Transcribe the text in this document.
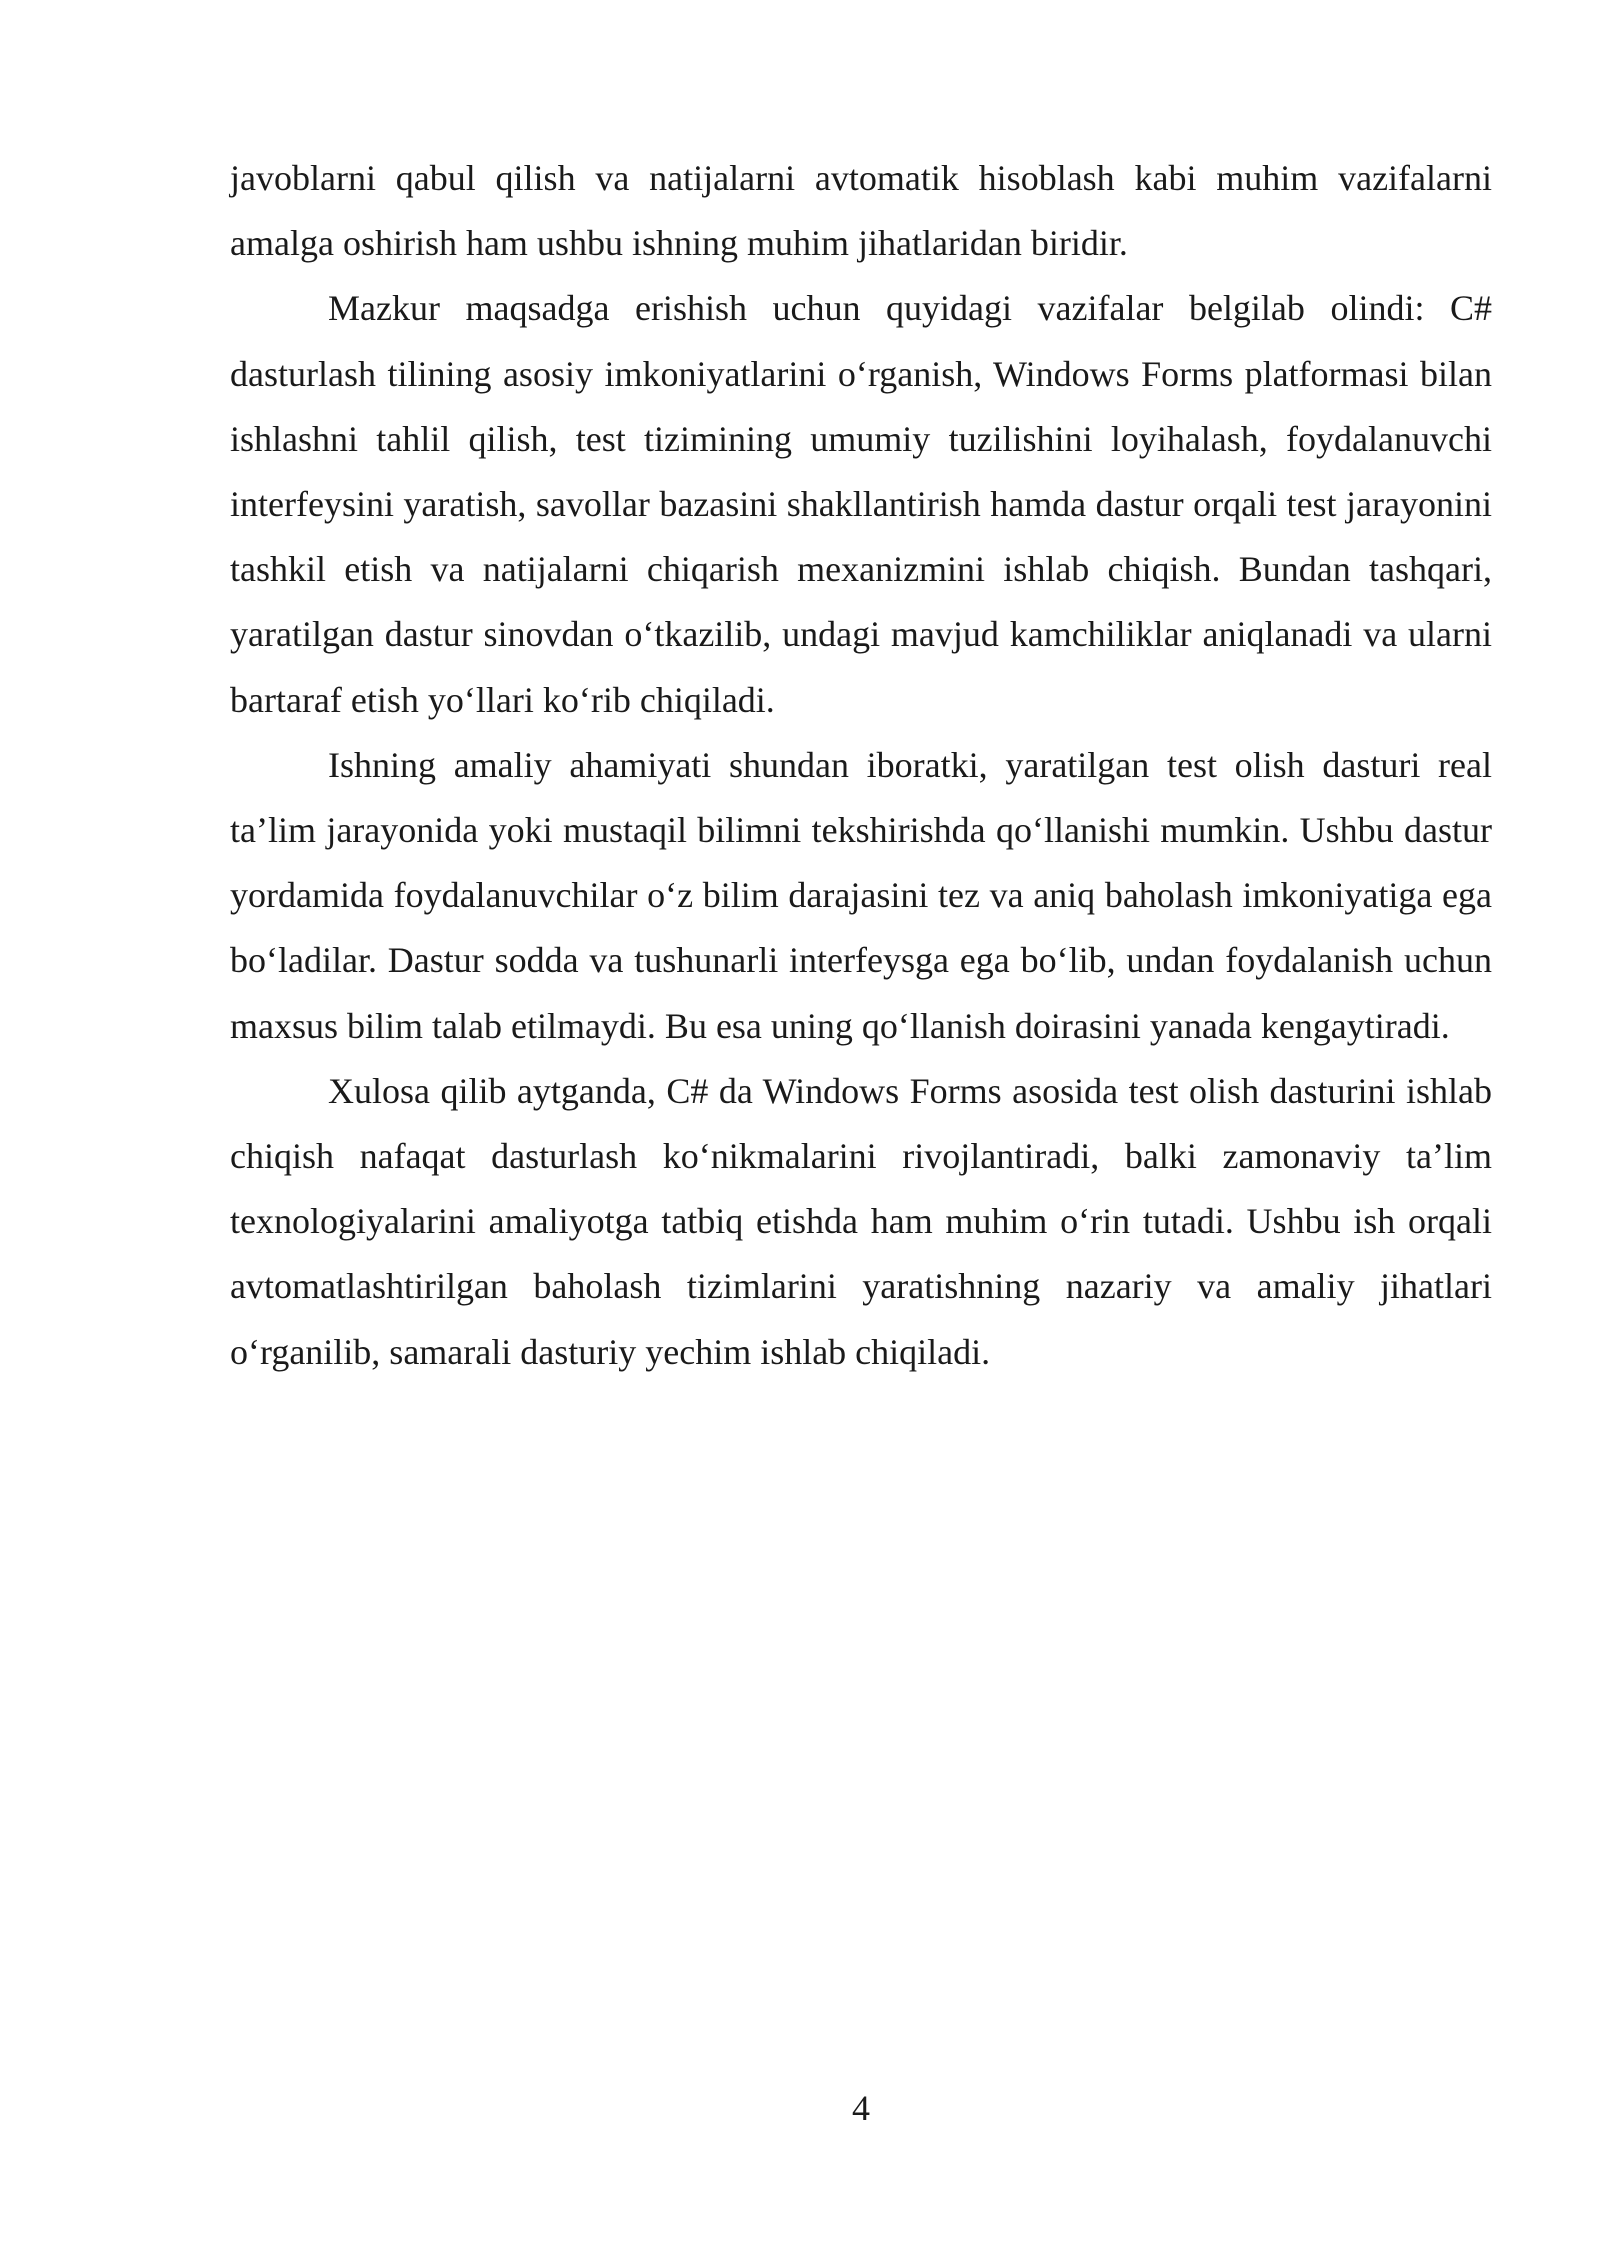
javoblarni qabul qilish va natijalarni avtomatik hisoblash kabi muhim vazifalarni amalga oshirish ham ushbu ishning muhim jihatlaridan biridir.

Mazkur maqsadga erishish uchun quyidagi vazifalar belgilab olindi: C# dasturlash tilining asosiy imkoniyatlarini o‘rganish, Windows Forms platformasi bilan ishlashni tahlil qilish, test tizimining umumiy tuzilishini loyihalash, foydalanuvchi interfeysini yaratish, savollar bazasini shakllantirish hamda dastur orqali test jarayonini tashkil etish va natijalarni chiqarish mexanizmini ishlab chiqish. Bundan tashqari, yaratilgan dastur sinovdan o‘tkazilib, undagi mavjud kamchiliklar aniqlanadi va ularni bartaraf etish yo‘llari ko‘rib chiqiladi.

Ishning amaliy ahamiyati shundan iboratki, yaratilgan test olish dasturi real ta’lim jarayonida yoki mustaqil bilimni tekshirishda qo‘llanishi mumkin. Ushbu dastur yordamida foydalanuvchilar o‘z bilim darajasini tez va aniq baholash imkoniyatiga ega bo‘ladilar. Dastur sodda va tushunarli interfeysga ega bo‘lib, undan foydalanish uchun maxsus bilim talab etilmaydi. Bu esa uning qo‘llanish doirasini yanada kengaytiradi.

Xulosa qilib aytganda, C# da Windows Forms asosida test olish dasturini ishlab chiqish nafaqat dasturlash ko‘nikmalarini rivojlantiradi, balki zamonaviy ta’lim texnologiyalarini amaliyotga tatbiq etishda ham muhim o‘rin tutadi. Ushbu ish orqali avtomatlashtirilgan baholash tizimlarini yaratishning nazariy va amaliy jihatlari o‘rganilib, samarali dasturiy yechim ishlab chiqiladi.

4
